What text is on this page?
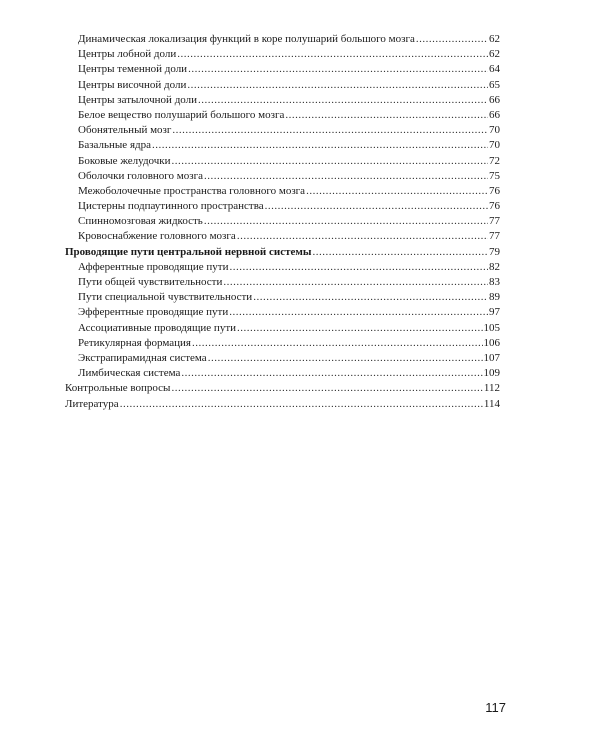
Динамическая локализация функций в коре полушарий большого мозга .....	62
Центры лобной доли .....	62
Центры теменной доли .....	64
Центры височной доли .....	65
Центры затылочной доли .....	66
Белое вещество полушарий большого мозга .....	66
Обонятельный мозг .....	70
Базальные ядра .....	70
Боковые желудочки .....	72
Оболочки головного мозга .....	75
Межоболочечные пространства головного мозга .....	76
Цистерны подпаутинного пространства .....	76
Спинномозговая жидкость .....	77
Кровоснабжение головного мозга .....	77
Проводящие пути центральной нервной системы .....	79
Афферентные проводящие пути .....	82
Пути общей чувствительности .....	83
Пути специальной чувствительности .....	89
Эфферентные проводящие пути .....	97
Ассоциативные проводящие пути .....	105
Ретикулярная формация .....	106
Экстрапирамидная система .....	107
Лимбическая система .....	109
Контрольные вопросы .....	112
Литература .....	114
117
